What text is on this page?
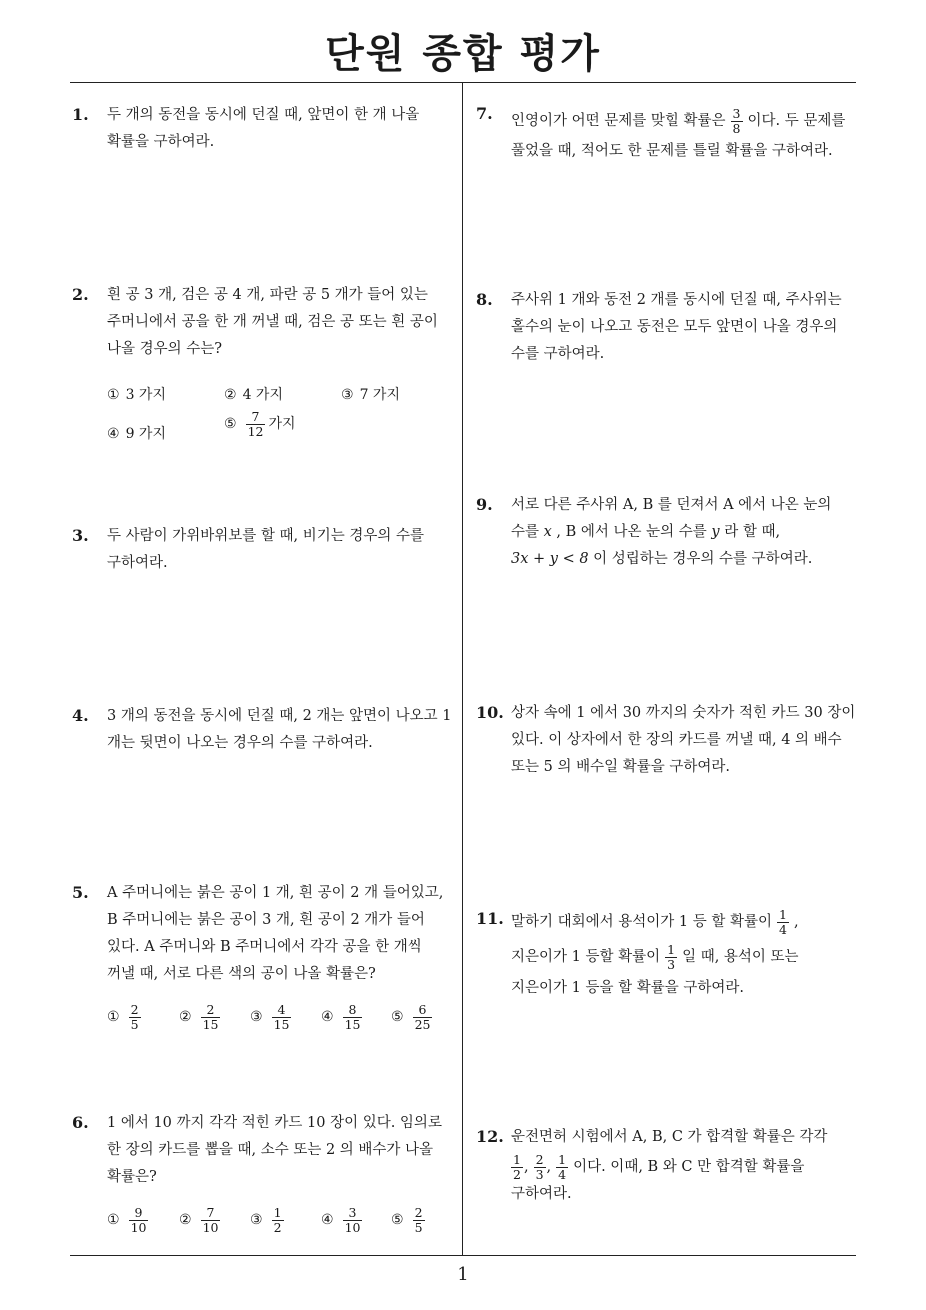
단원 종합 평가
1. 두 개의 동전을 동시에 던질 때, 앞면이 한 개 나올

확률을 구하여라.

2. 흰 공 3 개, 검은 공 4 개, 파란 공 5 개가 들어 있는

주머니에서 공을 한 개 꺼낼 때, 검은 공 또는 흰 공이

나올 경우의 수는?

① 3 가지	② 4 가지	③ 7 가지
④ 9 가지
⑤ $\frac{7}{12}$ 가지
3. 두 사람이 가위바위보를 할 때, 비기는 경우의 수를

구하여라.

4. 3 개의 동전을 동시에 던질 때, 2 개는 앞면이 나오고 1

개는 뒷면이 나오는 경우의 수를 구하여라.

5. A 주머니에는 붉은 공이 1 개, 흰 공이 2 개 들어있고,

B 주머니에는 붉은 공이 3 개, 흰 공이 2 개가 들어

있다. A 주머니와 B 주머니에서 각각 공을 한 개씩

꺼낼 때, 서로 다른 색의 공이 나올 확률은?

① $\frac{2}{5}$	② $\frac{2}{15}$ ③ $\frac{4}{15}$ ④ $\frac{8}{15}$ ⑤ $\frac{6}{25}$
6. 1 에서 10 까지 각각 적힌 카드 10 장이 있다. 임의로

한 장의 카드를 뽑을 때, 소수 또는 2 의 배수가 나올

확률은?

① $\frac{9}{10}$ ② $\frac{7}{10}$ ③ $\frac{1}{2}$	④ $\frac{3}{10}$ ⑤ $\frac{2}{5}$
7. 인영이가 어떤 문제를 맞힐 확률은 $\frac{3}{8}$ 이다. 두 문제를

풀었을 때, 적어도 한 문제를 틀릴 확률을 구하여라.

8. 주사위 1 개와 동전 2 개를 동시에 던질 때, 주사위는

홀수의 눈이 나오고 동전은 모두 앞면이 나올 경우의

수를 구하여라.

9. 서로 다른 주사위 A, B 를 던져서 A 에서 나온 눈의

수를 x , B 에서 나온 눈의 수를 y 라 할 때,

3x + y < 8 이 성립하는 경우의 수를 구하여라.

10. 상자 속에 1 에서 30 까지의 숫자가 적힌 카드 30 장이

있다. 이 상자에서 한 장의 카드를 꺼낼 때, 4 의 배수

또는 5 의 배수일 확률을 구하여라.

11. 말하기 대회에서 용석이가 1 등 할 확률이 $\frac{1}{4}$ ,

지은이가 1 등할 확률이 $\frac{1}{3}$ 일 때, 용석이 또는

지은이가 1 등을 할 확률을 구하여라.

12. 운전면허 시험에서 A, B, C 가 합격할 확률은 각각

$\frac{1}{2}$ , $\frac{2}{3}$ , $\frac{1}{4}$ 이다. 이때, B 와 C 만 합격할 확률을

구하여라.

1
